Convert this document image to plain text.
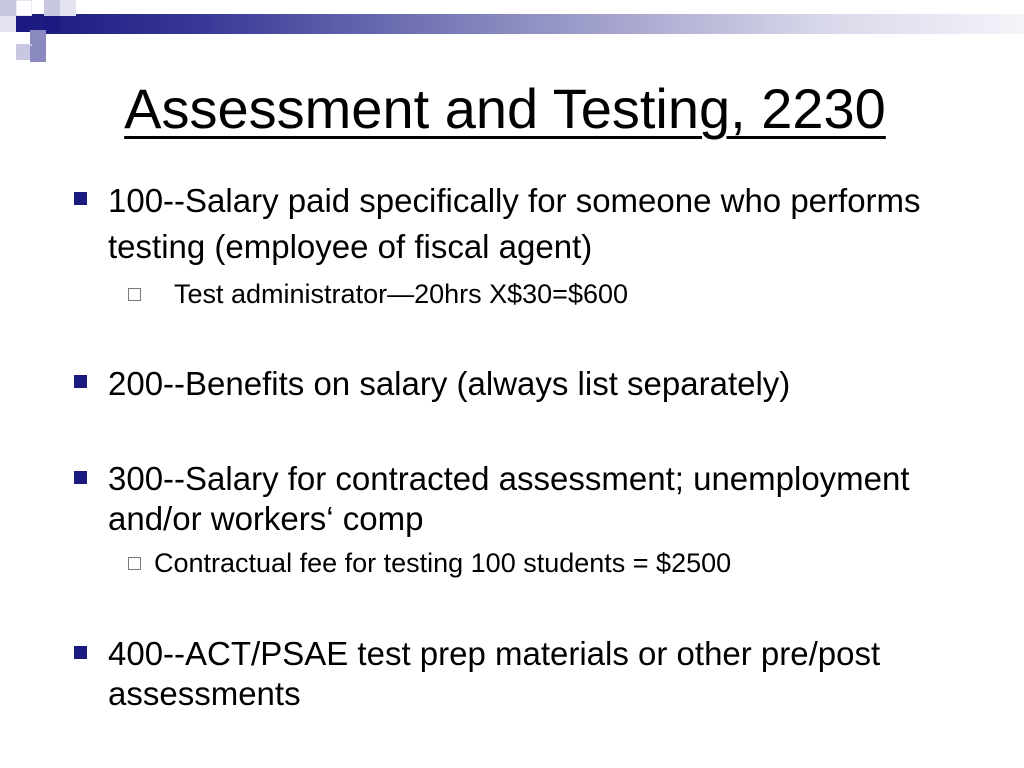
Assessment and Testing, 2230
100--Salary paid specifically for someone who performs testing (employee of fiscal agent)
Test administrator—20hrs X$30=$600
200--Benefits on salary (always list separately)
300--Salary for contracted assessment; unemployment and/or workers‘ comp
Contractual fee for testing 100 students = $2500
400--ACT/PSAE test prep materials or other pre/post assessments
